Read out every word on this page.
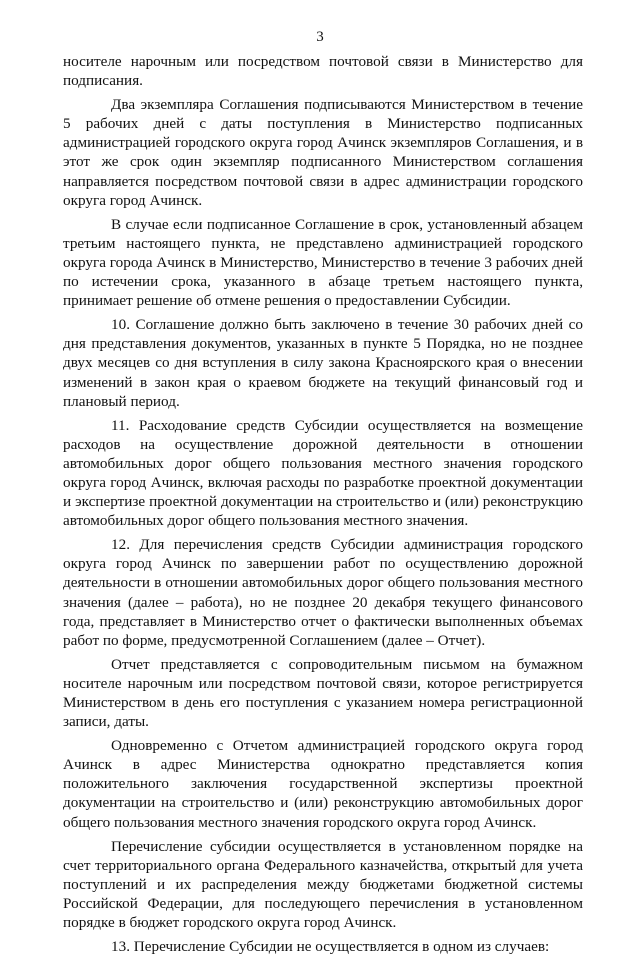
3

носителе нарочным или посредством почтовой связи в Министерство для подписания.

Два экземпляра Соглашения подписываются Министерством в течение 5 рабочих дней с даты поступления в Министерство подписанных администрацией городского округа город Ачинск экземпляров Соглашения, и в этот же срок один экземпляр подписанного Министерством соглашения направляется посредством почтовой связи в адрес администрации городского округа город Ачинск.

В случае если подписанное Соглашение в срок, установленный абзацем третьим настоящего пункта, не представлено администрацией городского округа города Ачинск в Министерство, Министерство в течение 3 рабочих дней по истечении срока, указанного в абзаце третьем настоящего пункта, принимает решение об отмене решения о предоставлении Субсидии.

10. Соглашение должно быть заключено в течение 30 рабочих дней со дня представления документов, указанных в пункте 5 Порядка, но не позднее двух месяцев со дня вступления в силу закона Красноярского края о внесении изменений в закон края о краевом бюджете на текущий финансовый год и плановый период.

11. Расходование средств Субсидии осуществляется на возмещение расходов на осуществление дорожной деятельности в отношении автомобильных дорог общего пользования местного значения городского округа город Ачинск, включая расходы по разработке проектной документации и экспертизе проектной документации на строительство и (или) реконструкцию автомобильных дорог общего пользования местного значения.

12. Для перечисления средств Субсидии администрация городского округа город Ачинск по завершении работ по осуществлению дорожной деятельности в отношении автомобильных дорог общего пользования местного значения (далее – работа), но не позднее 20 декабря текущего финансового года, представляет в Министерство отчет о фактически выполненных объемах работ по форме, предусмотренной Соглашением (далее – Отчет).

Отчет представляется с сопроводительным письмом на бумажном носителе нарочным или посредством почтовой связи, которое регистрируется Министерством в день его поступления с указанием номера регистрационной записи, даты.

Одновременно с Отчетом администрацией городского округа город Ачинск в адрес Министерства однократно представляется копия положительного заключения государственной экспертизы проектной документации на строительство и (или) реконструкцию автомобильных дорог общего пользования местного значения городского округа город Ачинск.

Перечисление субсидии осуществляется в установленном порядке на счет территориального органа Федерального казначейства, открытый для учета поступлений и их распределения между бюджетами бюджетной системы Российской Федерации, для последующего перечисления в установленном порядке в бюджет городского округа город Ачинск.

13. Перечисление Субсидии не осуществляется в одном из случаев:
